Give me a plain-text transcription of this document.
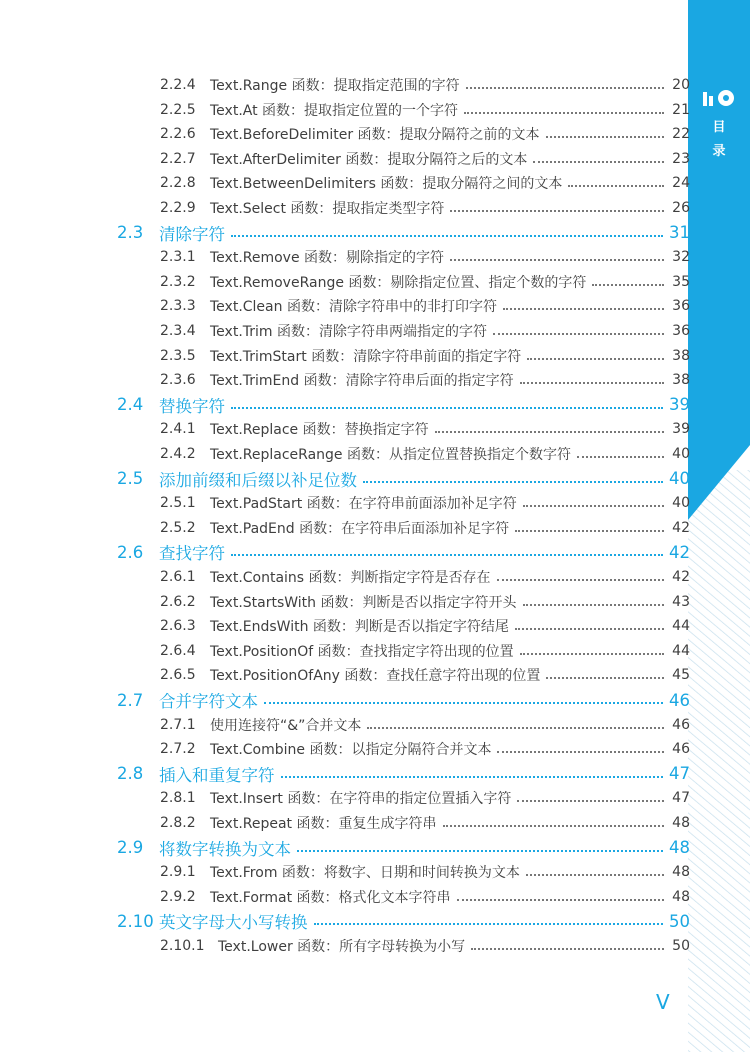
目
录
2.2.4	Text.Range 函数：提取指定范围的字符	20
2.2.5	Text.At 函数：提取指定位置的一个字符	21
2.2.6	Text.BeforeDelimiter 函数：提取分隔符之前的文本	22
2.2.7	Text.AfterDelimiter 函数：提取分隔符之后的文本	23
2.2.8	Text.BetweenDelimiters 函数：提取分隔符之间的文本	24
2.2.9	Text.Select 函数：提取指定类型字符	26
2.3 清除字符	31
2.3.1	Text.Remove 函数：剔除指定的字符	32
2.3.2	Text.RemoveRange 函数：剔除指定位置、指定个数的字符	35
2.3.3	Text.Clean 函数：清除字符串中的非打印字符	36
2.3.4	Text.Trim 函数：清除字符串两端指定的字符	36
2.3.5	Text.TrimStart 函数：清除字符串前面的指定字符	38
2.3.6	Text.TrimEnd 函数：清除字符串后面的指定字符	38
2.4 替换字符	39
2.4.1	Text.Replace 函数：替换指定字符	39
2.4.2	Text.ReplaceRange 函数：从指定位置替换指定个数字符	40
2.5 添加前缀和后缀以补足位数	40
2.5.1	Text.PadStart 函数：在字符串前面添加补足字符	40
2.5.2	Text.PadEnd 函数：在字符串后面添加补足字符	42
2.6 查找字符	42
2.6.1	Text.Contains 函数：判断指定字符是否存在	42
2.6.2	Text.StartsWith 函数：判断是否以指定字符开头	43
2.6.3	Text.EndsWith 函数：判断是否以指定字符结尾	44
2.6.4	Text.PositionOf 函数：查找指定字符出现的位置	44
2.6.5	Text.PositionOfAny 函数：查找任意字符出现的位置	45
2.7 合并字符文本	46
2.7.1	使用连接符“&”合并文本	46
2.7.2	Text.Combine 函数：以指定分隔符合并文本	46
2.8 插入和重复字符	47
2.8.1	Text.Insert 函数：在字符串的指定位置插入字符	47
2.8.2	Text.Repeat 函数：重复生成字符串	48
2.9 将数字转换为文本	48
2.9.1	Text.From 函数：将数字、日期和时间转换为文本	48
2.9.2	Text.Format 函数：格式化文本字符串	48
2.10 英文字母大小写转换	50
2.10.1 Text.Lower 函数：所有字母转换为小写	50
V
